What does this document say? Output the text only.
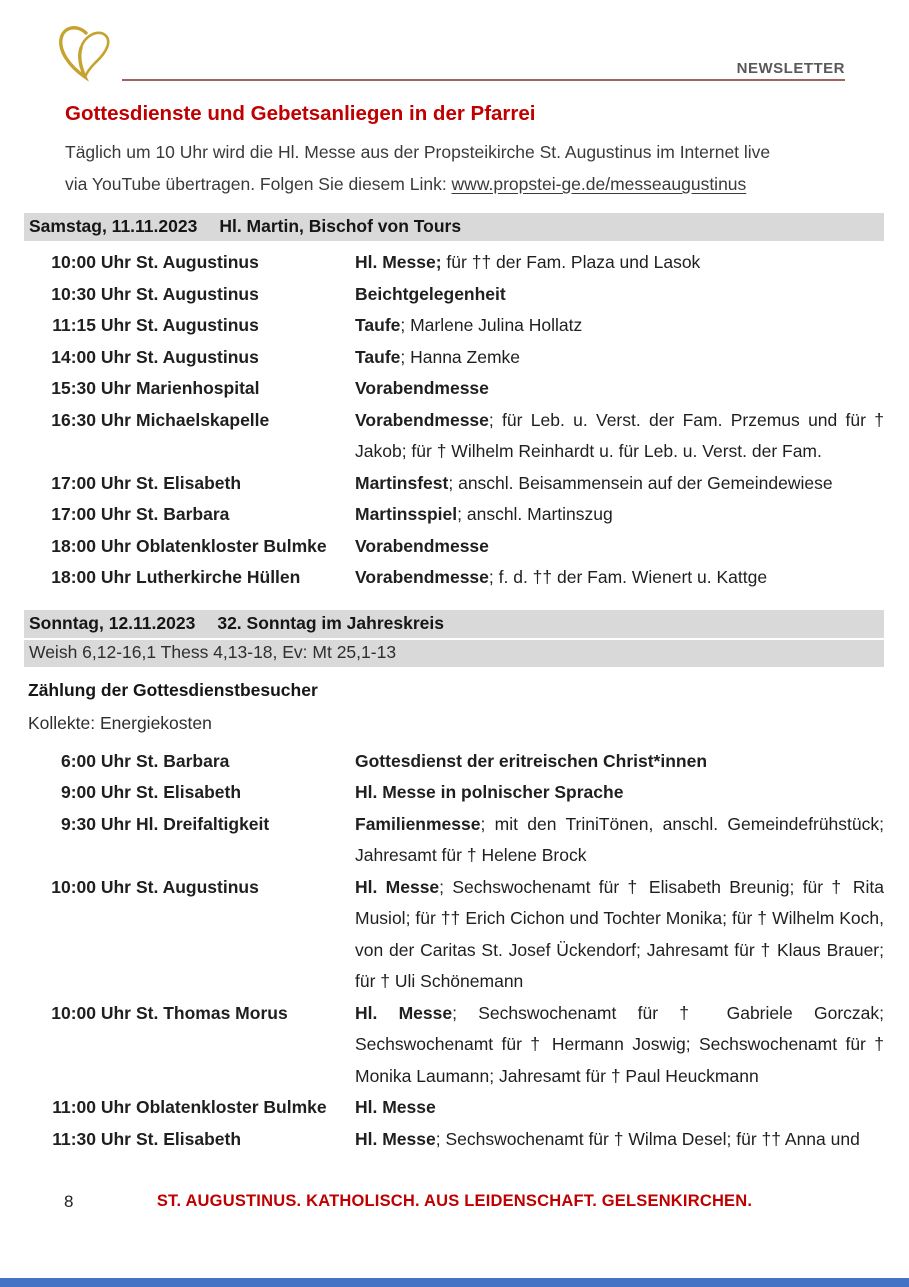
NEWSLETTER
Gottesdienste und Gebetsanliegen in der Pfarrei

Täglich um 10 Uhr wird die Hl. Messe aus der Propsteikirche St. Augustinus im Internet live
via YouTube übertragen. Folgen Sie diesem Link: www.propstei-ge.de/messeaugustinus

Samstag, 11.11.2023 Hl. Martin, Bischof von Tours
10:00 Uhr St. Augustinus	Hl. Messe; für †† der Fam. Plaza und Lasok
10:30 Uhr St. Augustinus	Beichtgelegenheit
11:15 Uhr St. Augustinus	Taufe; Marlene Julina Hollatz
14:00 Uhr St. Augustinus	Taufe; Hanna Zemke
15:30 Uhr Marienhospital	Vorabendmesse
16:30 Uhr Michaelskapelle	Vorabendmesse; für Leb. u. Verst. der Fam. Przemus und für † Jakob; für † Wilhelm Reinhardt u. für Leb. u. Verst. der Fam.
17:00 Uhr St. Elisabeth	Martinsfest; anschl. Beisammensein auf der Gemeindewiese
17:00 Uhr St. Barbara	Martinsspiel; anschl. Martinszug
18:00 Uhr Oblatenkloster Bulmke	Vorabendmesse
18:00 Uhr Lutherkirche Hüllen	Vorabendmesse; f. d. †† der Fam. Wienert u. Kattge
Sonntag, 12.11.2023 32. Sonntag im Jahreskreis
Weish 6,12-16,1 Thess 4,13-18, Ev: Mt 25,1-13
Zählung der Gottesdienstbesucher
Kollekte: Energiekosten
6:00 Uhr St. Barbara	Gottesdienst der eritreischen Christ*innen
9:00 Uhr St. Elisabeth	Hl. Messe in polnischer Sprache
9:30 Uhr Hl. Dreifaltigkeit	Familienmesse; mit den TriniTönen, anschl. Gemeindefrühstück; Jahresamt für † Helene Brock
10:00 Uhr St. Augustinus	Hl. Messe; Sechswochenamt für † Elisabeth Breunig; für † Rita Musiol; für †† Erich Cichon und Tochter Monika; für † Wilhelm Koch, von der Caritas St. Josef Ückendorf; Jahresamt für † Klaus Brauer; für † Uli Schönemann
10:00 Uhr St. Thomas Morus	Hl. Messe; Sechswochenamt für † Gabriele Gorczak; Sechswochenamt für † Hermann Joswig; Sechswochenamt für † Monika Laumann; Jahresamt für † Paul Heuckmann
11:00 Uhr Oblatenkloster Bulmke	Hl. Messe
11:30 Uhr St. Elisabeth	Hl. Messe; Sechswochenamt für † Wilma Desel; für †† Anna und
8	ST. AUGUSTINUS. KATHOLISCH. AUS LEIDENSCHAFT. GELSENKIRCHEN.
